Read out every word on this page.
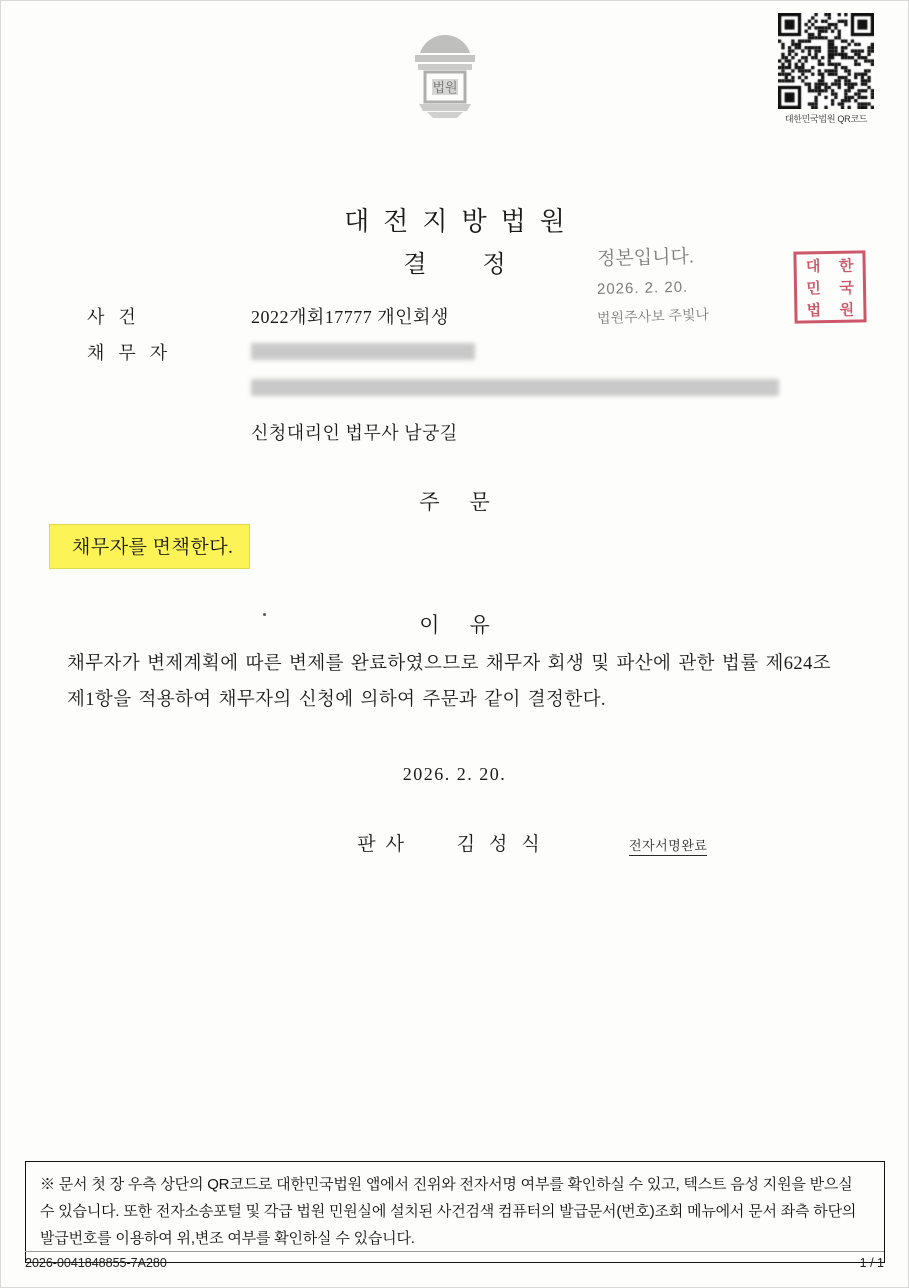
법원
대한민국법원 QR코드
대전지방법원
결정	정본입니다.
2026. 2. 20.
법원주사보 주빛나
대	한
민	국
법	원
사건	2022개회17777 개인회생
채무자
신청대리인 법무사 남궁길
주문
채무자를 면책한다.
이유
채무자가 변제계획에 따른 변제를 완료하였으므로 채무자 회생 및 파산에 관한 법률 제624조 제1항을 적용하여 채무자의 신청에 의하여 주문과 같이 결정한다.
2026. 2. 20.
판사 김성식	전자서명완료
※ 문서 첫 장 우측 상단의 QR코드로 대한민국법원 앱에서 진위와 전자서명 여부를 확인하실 수 있고, 텍스트 음성 지원을 받으실 수 있습니다. 또한 전자소송포털 및 각급 법원 민원실에 설치된 사건검색 컴퓨터의 발급문서(번호)조회 메뉴에서 문서 좌측 하단의 발급번호를 이용하여 위,변조 여부를 확인하실 수 있습니다.
2026-0041848855-7A280	1 / 1
